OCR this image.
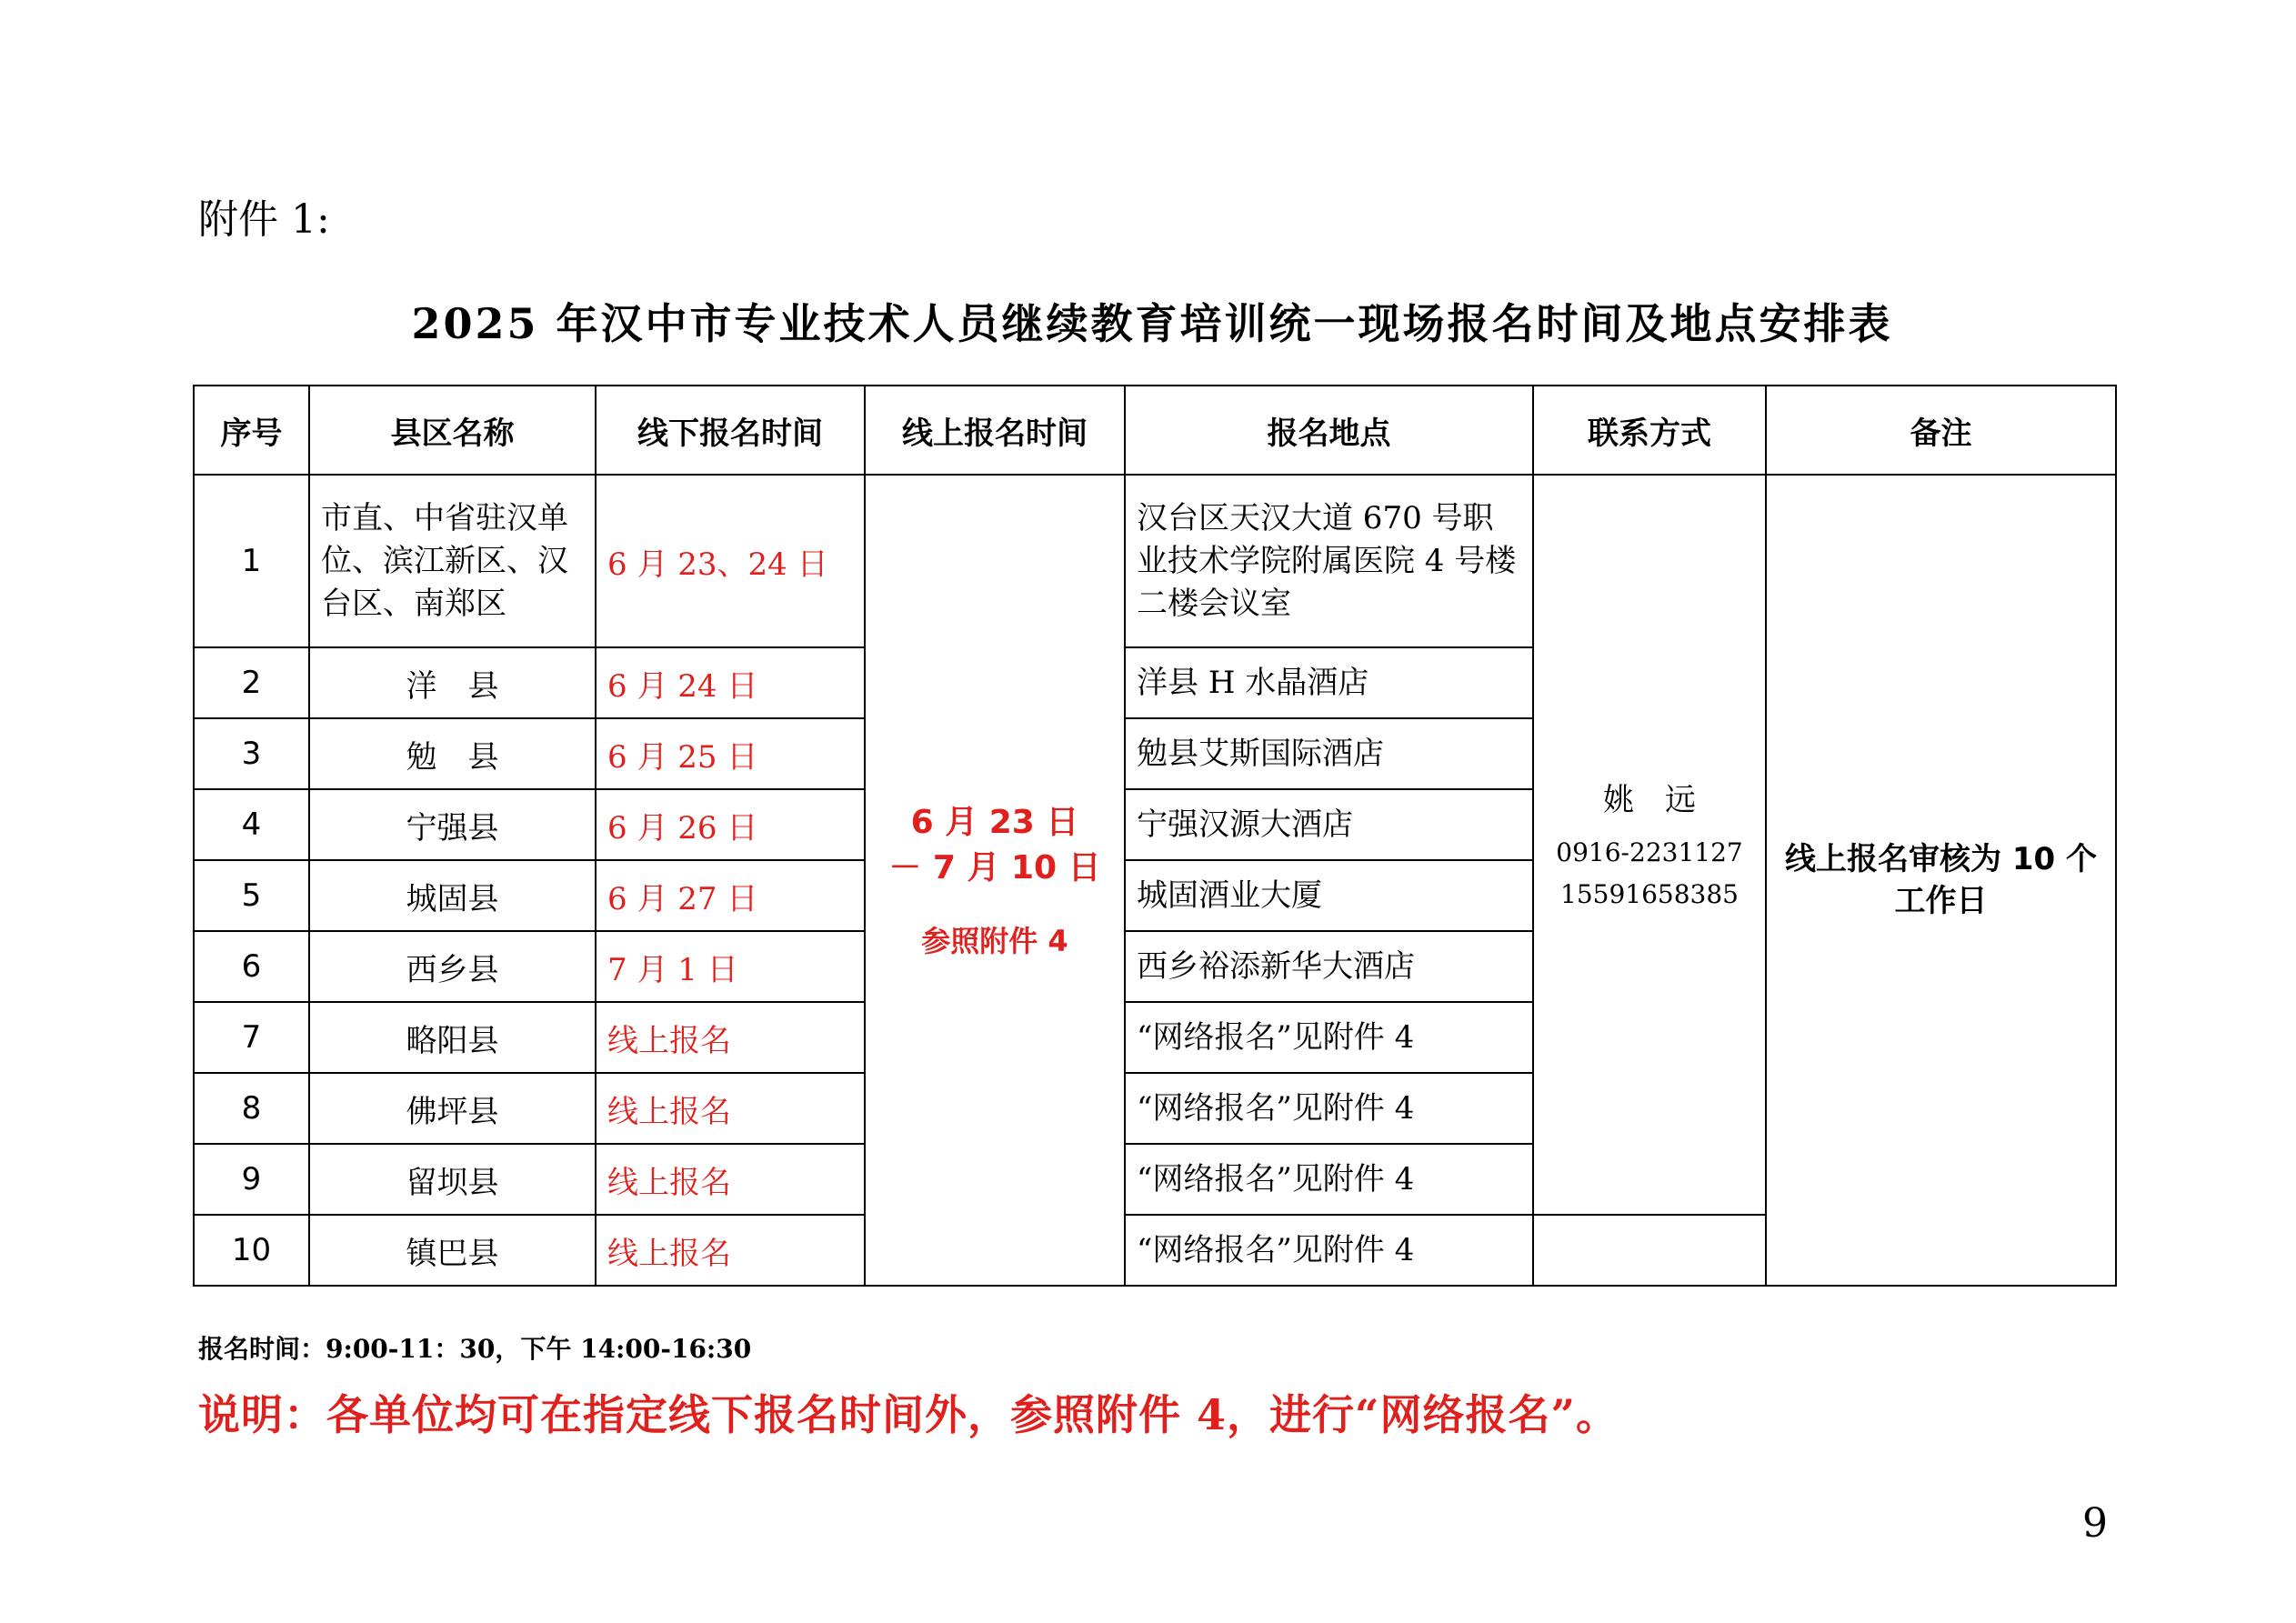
附件 1:
2025 年汉中市专业技术人员继续教育培训统一现场报名时间及地点安排表
序号	县区名称	线下报名时间	线上报名时间	报名地点	联系方式	备注
1	市直、中省驻汉单位、滨江新区、汉台区、南郑区	6 月 23、24 日	6 月 23 日
－ 7 月 10 日
参照附件 4	汉台区天汉大道 670 号职业技术学院附属医院 4 号楼二楼会议室	姚　远
0916-2231127
15591658385	线上报名审核为 10 个工作日
2	洋　县	6 月 24 日		洋县 H 水晶酒店		
3	勉　县	6 月 25 日		勉县艾斯国际酒店		
4	宁强县	6 月 26 日		宁强汉源大酒店		
5	城固县	6 月 27 日		城固酒业大厦		
6	西乡县	7 月 1 日		西乡裕添新华大酒店		
7	略阳县	线上报名		“网络报名”见附件 4		
8	佛坪县	线上报名		“网络报名”见附件 4		
9	留坝县	线上报名		“网络报名”见附件 4		
10	镇巴县	线上报名		“网络报名”见附件 4		
报名时间：9:00-11：30，下午 14:00-16:30
说明：各单位均可在指定线下报名时间外，参照附件 4，进行“网络报名”。
9
